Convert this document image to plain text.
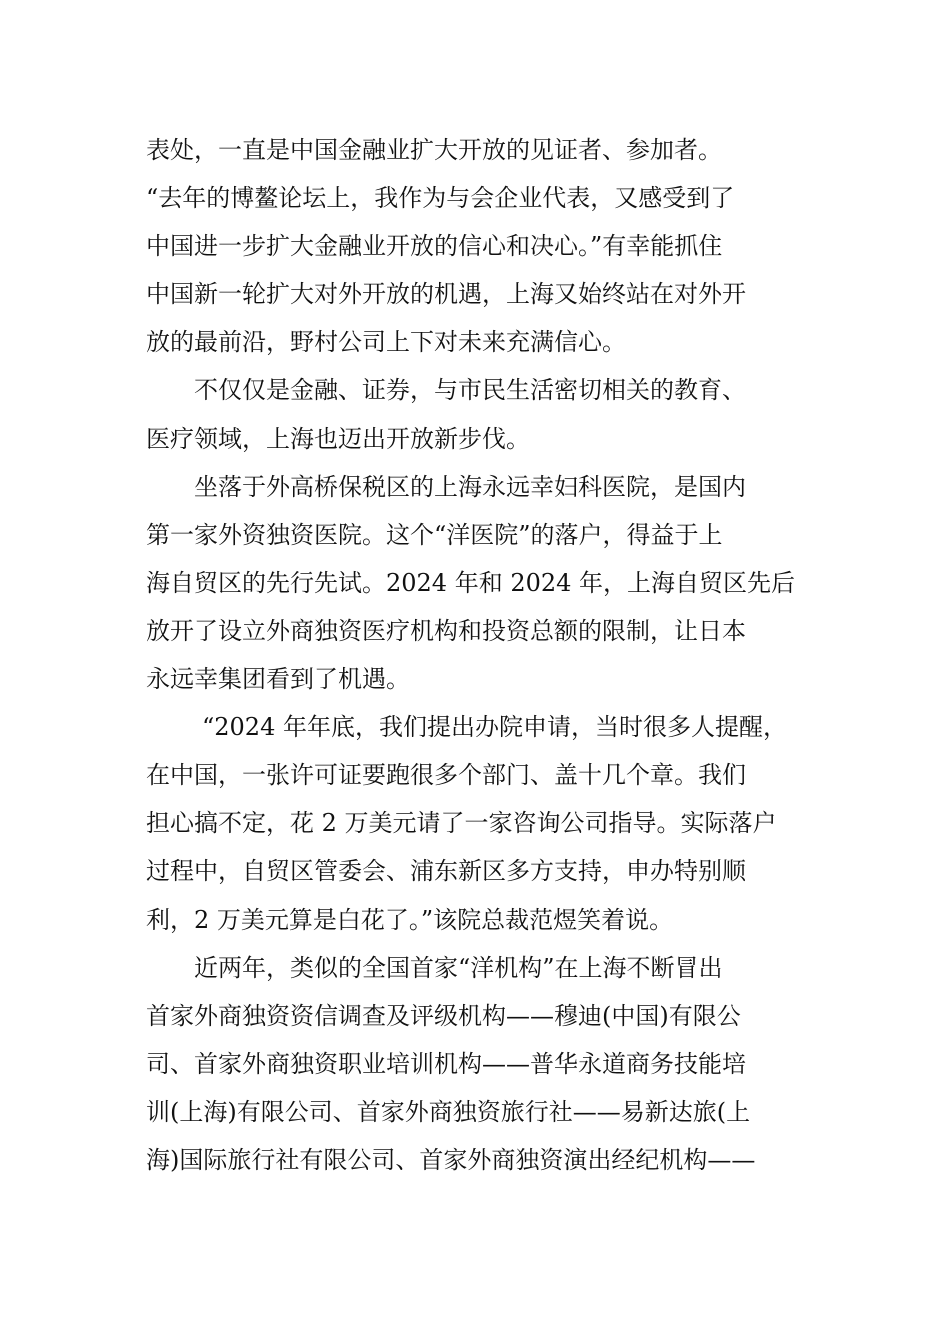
表处，一直是中国金融业扩大开放的见证者、参加者。
“去年的博鳌论坛上，我作为与会企业代表，又感受到了
中国进一步扩大金融业开放的信心和决心。”有幸能抓住
中国新一轮扩大对外开放的机遇，上海又始终站在对外开
放的最前沿，野村公司上下对未来充满信心。
不仅仅是金融、证券，与市民生活密切相关的教育、
医疗领域，上海也迈出开放新步伐。
坐落于外高桥保税区的上海永远幸妇科医院，是国内
第一家外资独资医院。这个“洋医院”的落户，得益于上
海自贸区的先行先试。2024 年和 2024 年，上海自贸区先后
放开了设立外商独资医疗机构和投资总额的限制，让日本
永远幸集团看到了机遇。
“2024 年年底，我们提出办院申请，当时很多人提醒，
在中国，一张许可证要跑很多个部门、盖十几个章。我们
担心搞不定，花 2 万美元请了一家咨询公司指导。实际落户
过程中，自贸区管委会、浦东新区多方支持，申办特别顺
利，2 万美元算是白花了。”该院总裁范煜笑着说。
近两年，类似的全国首家“洋机构”在上海不断冒出
首家外商独资资信调查及评级机构——穆迪(中国)有限公
司、首家外商独资职业培训机构——普华永道商务技能培
训(上海)有限公司、首家外商独资旅行社——易新达旅(上
海)国际旅行社有限公司、首家外商独资演出经纪机构——
